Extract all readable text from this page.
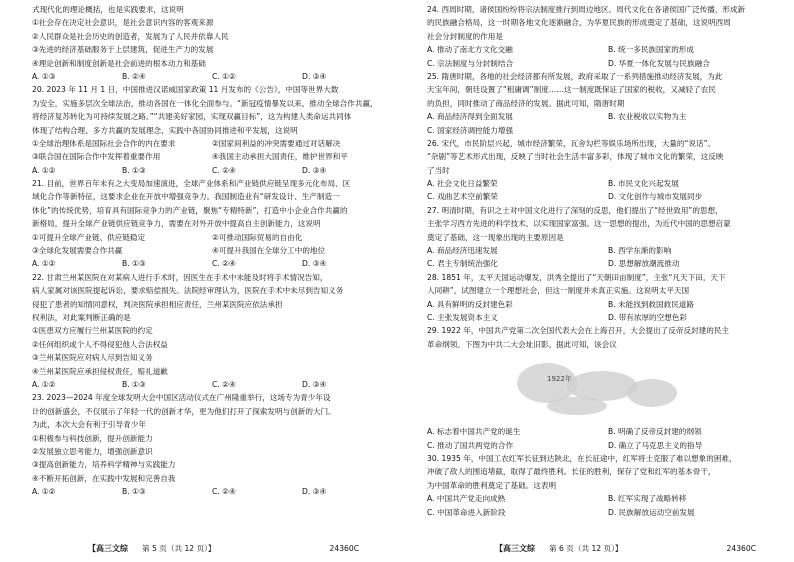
式现代化的理论概括，也是实践要求，这说明
①社会存在决定社会意识，是社会意识内容的客观来源
②人民群众是社会历史的创造者，发展为了人民并依靠人民
③先进的经济基础服务于上层建筑，促进生产力的发展
④理论创新和制度创新是社会前进的根本动力和基础
A. ①③	B. ②④	C. ①②	D. ③④
20. 2023 年 11 月 1 日，中国推进汉诺威国家政策 11 月发布的《公告》，中国等世界大数
为安全，实施多层次全球法治，推动各国在一体化全面参与。“新冠疫情暴发以来，推动全球合作共赢，
将经济复苏转化为可持续发展之路。”“共建美好家园，实现双赢目标”，这为构建人类命运共同体
体现了结构合理、多方共赢的发展理念，实践中各国协同推进和平发展，这说明
①全球治理体系是国际社会合作的内在要求	②国家间利益的冲突需要通过对话解决
③联合国在国际合作中发挥着重要作用	④我国主动承担大国责任，维护世界和平
A. ①②	B. ①③	C. ②④	D. ③④
21. 目前，世界百年未有之大变局加速演进，全球产业体系和产业链供应链呈现多元化布局、区
域化合作等新特征，这要求企业在开放中增强竞争力。我国制造业有“研发设计、生产制造一
体化”的传统优势，培育具有国际竞争力的产业链，聚焦“专精特新”，打造中小企业合作共赢的
新格局，提升全球产业链供应链竞争力，需要在对外开放中提高自主创新能力，这说明
①可提升全球产业链、供应链稳定	②可推动国际贸易的自由化
③全球化发展需要合作共赢	④可提升我国在全球分工中的地位
A. ①②	B. ①③	C. ②④	D. ③④
22. 甘肃兰州某医院在对某病人进行手术时，因医生在手术中未能及时将手术情况告知，
病人家属对该医院提起诉讼，要求赔偿损失。法院经审理认为，医院在手术中未尽到告知义务
侵犯了患者的知情同意权，判决医院承担相应责任，兰州某医院应依法承担
权利法，对此案判断正确的是
①医患双方应履行兰州某医院的约定
②任何组织或个人不得侵犯他人合法权益
③兰州某医院应对病人尽到告知义务
④兰州某医院应承担侵权责任，赔礼道歉
A. ①②	B. ①③	C. ②④	D. ③④
23. 2023—2024 年度全球发明大会中国区活动仪式在广州隆重举行，这场专为青少年设
计的创新盛会，不仅展示了年轻一代的创新才华，更为他们打开了探索发明与创新的大门。
为此，本次大会有利于引导青少年
①积极参与科技创新，提升创新能力
②发展独立思考能力，增强创新意识
③提高创新能力，培养科学精神与实践能力
④不断开拓创新，在实践中发展和完善自我
A. ①②	B. ①③	C. ②④	D. ③④
【高三文综 第 5 页（共 12 页）】	24360C
24. 西周时期，诸侯国纷纷将宗法制度推行到周边地区。周代文化在各诸侯国广泛传播，形成新
的民族融合格局，这一时期各地文化逐渐融合，为华夏民族的形成奠定了基础，这说明西周
社会分封制度的作用是
A. 推动了南北方文化交融	B. 统一多民族国家的形成
C. 宗法制度与分封制结合	D. 华夏一体化发展与民族融合
25. 隋唐时期，各地的社会经济都有所发展，政府采取了一系列措施推动经济发展，为此
天宝年间，朝廷设置了“租庸调”制度……这一制度既保证了国家的税收，又减轻了农民
的负担，同时推动了商品经济的发展。据此可知，隋唐时期
A. 商品经济得到全面发展	B. 农业税收以实物为主
C. 国家经济调控能力增强
26. 宋代，市民阶层兴起，城市经济繁荣，瓦舍勾栏等娱乐场所出现，大量的“说话”、
“杂剧”等艺术形式出现，反映了当时社会生活丰富多彩，体现了城市文化的繁荣，这反映
了当时
A. 社会文化日益繁荣	B. 市民文化兴起发展
C. 戏曲艺术空前繁荣	D. 文化创作与城市发展同步
27. 明清时期，有识之士对中国文化进行了深刻的反思，他们提出了“经世致用”的思想，
主张学习西方先进的科学技术，以实现国家富强。这一思想的提出，为近代中国的思想启蒙
奠定了基础，这一现象出现的主要原因是
A. 商品经济迅速发展	B. 西学东渐的影响
C. 君主专制统治强化	D. 思想解放潮流推动
28. 1851 年，太平天国运动爆发，洪秀全提出了“天朝田亩制度”，主张“凡天下田，天下
人同耕”，试图建立一个理想社会，但这一制度并未真正实施。这说明太平天国
A. 具有鲜明的反封建色彩	B. 未能找到救国救民道路
C. 主张发展资本主义	D. 带有浓厚的空想色彩
29. 1922 年，中国共产党第二次全国代表大会在上海召开，大会提出了反帝反封建的民主
革命纲领。下图为中共二大会址旧影。据此可知，该会议
1922年
A. 标志着中国共产党的诞生	B. 明确了反帝反封建的纲领
C. 推动了国共两党的合作	D. 确立了马克思主义的指导
30. 1935 年，中国工农红军长征到达陕北，在长征途中，红军将士克服了难以想象的困难，
冲破了敌人的围追堵截，取得了最终胜利。长征的胜利，保存了党和红军的基本骨干，
为中国革命的胜利奠定了基础。这表明
A. 中国共产党走向成熟	B. 红军实现了战略转移
C. 中国革命进入新阶段	D. 民族解放运动空前发展
【高三文综 第 6 页（共 12 页）】	24360C
